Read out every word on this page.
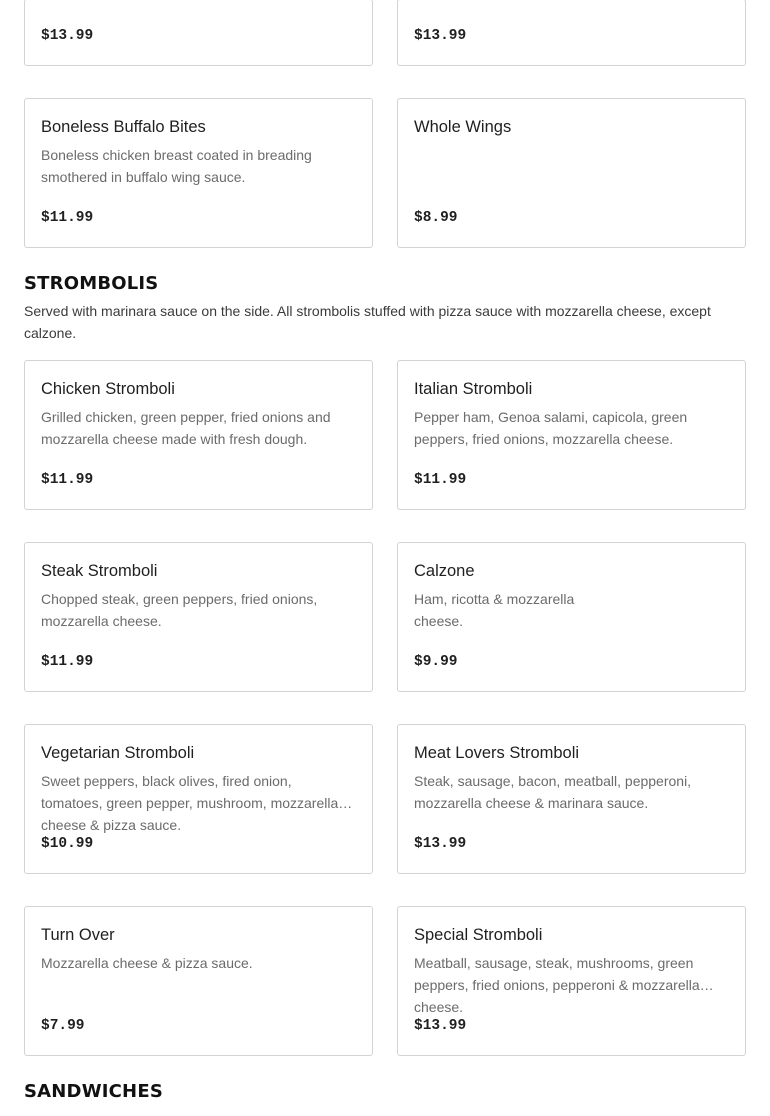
$13.99	$13.99
Boneless Buffalo Bites
Boneless chicken breast coated in breading smothered in buffalo wing sauce.
$11.99
Whole Wings
$8.99
STROMBOLIS
Served with marinara sauce on the side. All strombolis stuffed with pizza sauce with mozzarella cheese, except calzone.
Chicken Stromboli
Grilled chicken, green pepper, fried onions and mozzarella cheese made with fresh dough.
$11.99
Italian Stromboli
Pepper ham, Genoa salami, capicola, green peppers, fried onions, mozzarella cheese.
$11.99
Steak Stromboli
Chopped steak, green peppers, fried onions, mozzarella cheese.
$11.99
Calzone
Ham, ricotta & mozzarella cheese.
$9.99
Vegetarian Stromboli
Sweet peppers, black olives, fired onion, tomatoes, green pepper, mushroom, mozzarella cheese & pizza sauce.
$10.99
Meat Lovers Stromboli
Steak, sausage, bacon, meatball, pepperoni, mozzarella cheese & marinara sauce.
$13.99
Turn Over
Mozzarella cheese & pizza sauce.
$7.99
Special Stromboli
Meatball, sausage, steak, mushrooms, green peppers, fried onions, pepperoni & mozzarella cheese.
$13.99
SANDWICHES
